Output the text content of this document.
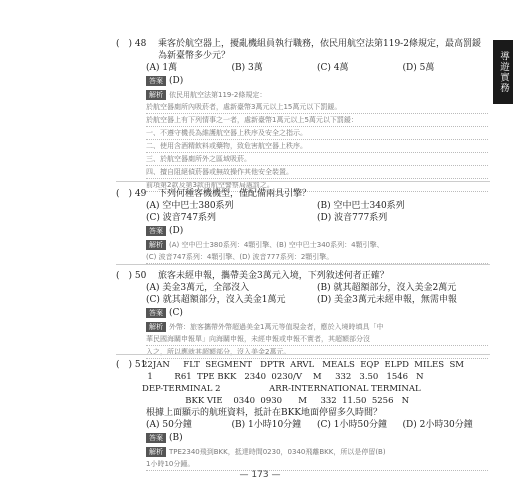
導遊實務（一）
(　) 48	乘客於航空器上，擾亂機組員執行職務，依民用航空法第119-2條規定，最高罰鍰為新臺幣多少元？
(A) 1萬	(B) 3萬	(C) 4萬	(D) 5萬
答案 (D)
解析 依民用航空法第119-2條規定：

於航空器廁所內吸菸者，處新臺幣3萬元以上15萬元以下罰鍰。

於航空器上有下列情事之一者，處新臺幣1萬元以上5萬元以下罰鍰：

一、不遵守機長為維護航空器上秩序及安全之指示。

二、使用含酒精飲料或藥物，致危害航空器上秩序。

三、於航空器廁所外之區域吸菸。

四、擅自阻絕偵菸器或無故操作其他安全裝置。

前項第2款及第3款由航空警察局處罰之。

(　) 49	下列何種客機機型，僅配備兩具引擎？
(A) 空中巴士380系列	(B) 空中巴士340系列
(C) 波音747系列	(D) 波音777系列
答案 (D)
解析 (A) 空中巴士380系列：4顆引擎、(B) 空中巴士340系列：4顆引擎、

(C) 波音747系列：4顆引擎、(D) 波音777系列：2顆引擎。

(　) 50	旅客未經申報，攜帶美金3萬元入境，下列敘述何者正確？
(A) 美金3萬元，全部沒入	(B) 就其超額部分，沒入美金2萬元
(C) 就其超額部分，沒入美金1萬元	(D) 美金3萬元未經申報，無需申報
答案 (C)
解析 外幣：旅客攜帶外幣超過美金1萬元等值現金者，應於入境時填具「中

華民國海關申報單」向海關申報，未經申報或申報不實者，其超額部分沒

入之，所以應就其超額部分，沒入美金2萬元。

(　) 51
22JAN     FLT  SEGMENT   DPTR  ARVL   MEALS  EQP  ELPD  MILES  SM
1        R61  TPE BKK   2340  0230/V    M     332   3.50   1546   N
DEP-TERMINAL 2                  ARR-INTERNATIONAL TERMINAL
BKK VIE    0340  0930      M     332  11.50  5256   N
根據上面顯示的航班資料，抵計在BKK地面停留多久時間？
(A) 50分鐘	(B) 1小時10分鐘	(C) 1小時50分鐘	(D) 2小時30分鐘
答案 (B)
解析 TPE2340飛到BKK，抵達時間0230，0340飛離BKK，所以是停留(B)

1小時10分鐘。

— 173 —
